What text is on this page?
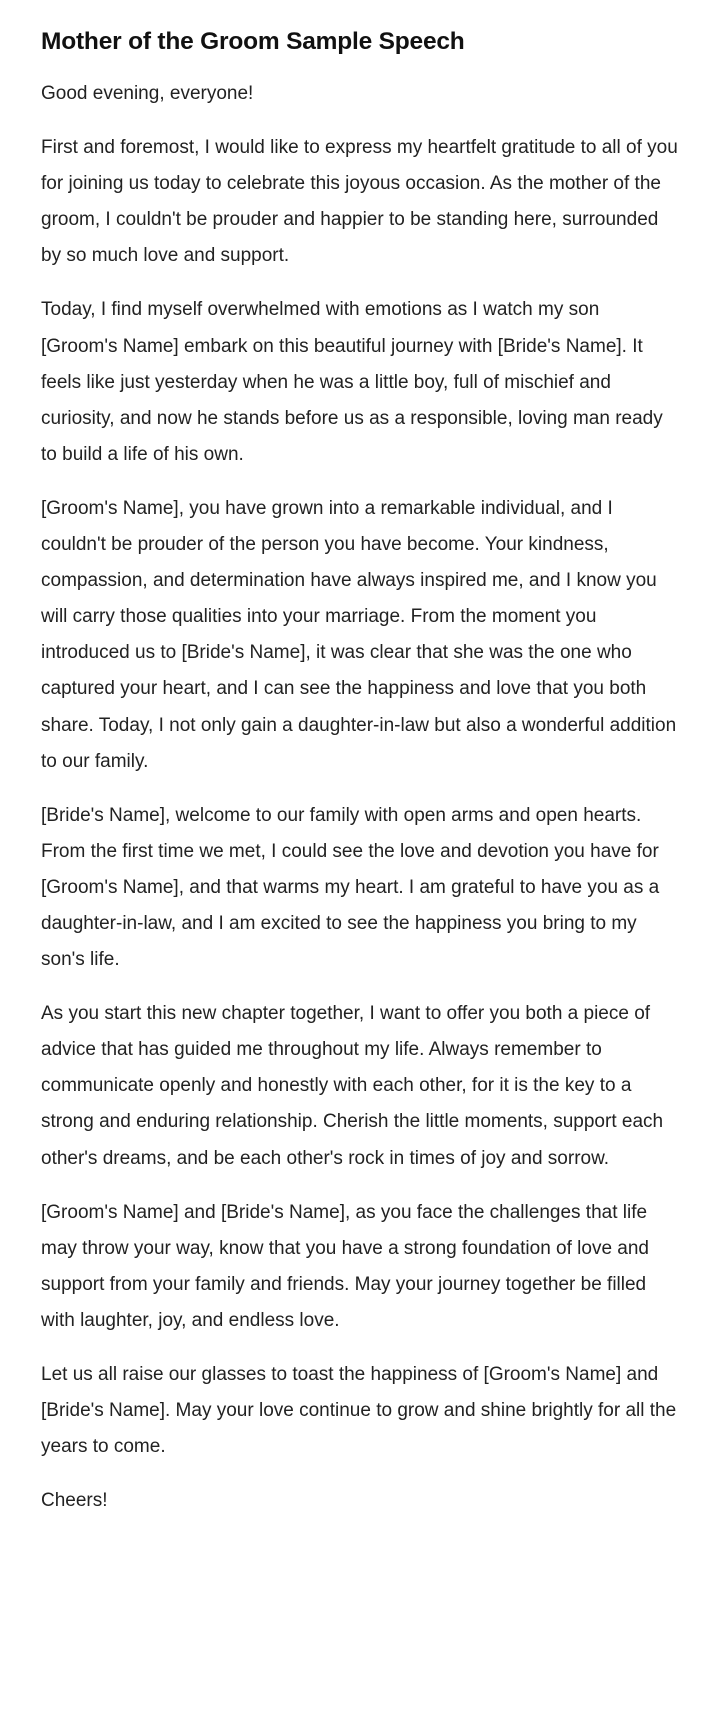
Mother of the Groom Sample Speech

Good evening, everyone!

First and foremost, I would like to express my heartfelt gratitude to all of you for joining us today to celebrate this joyous occasion. As the mother of the groom, I couldn't be prouder and happier to be standing here, surrounded by so much love and support.

Today, I find myself overwhelmed with emotions as I watch my son [Groom's Name] embark on this beautiful journey with [Bride's Name]. It feels like just yesterday when he was a little boy, full of mischief and curiosity, and now he stands before us as a responsible, loving man ready to build a life of his own.

[Groom's Name], you have grown into a remarkable individual, and I couldn't be prouder of the person you have become. Your kindness, compassion, and determination have always inspired me, and I know you will carry those qualities into your marriage. From the moment you introduced us to [Bride's Name], it was clear that she was the one who captured your heart, and I can see the happiness and love that you both share. Today, I not only gain a daughter-in-law but also a wonderful addition to our family.

[Bride's Name], welcome to our family with open arms and open hearts. From the first time we met, I could see the love and devotion you have for [Groom's Name], and that warms my heart. I am grateful to have you as a daughter-in-law, and I am excited to see the happiness you bring to my son's life.

As you start this new chapter together, I want to offer you both a piece of advice that has guided me throughout my life. Always remember to communicate openly and honestly with each other, for it is the key to a strong and enduring relationship. Cherish the little moments, support each other's dreams, and be each other's rock in times of joy and sorrow.

[Groom's Name] and [Bride's Name], as you face the challenges that life may throw your way, know that you have a strong foundation of love and support from your family and friends. May your journey together be filled with laughter, joy, and endless love.

Let us all raise our glasses to toast the happiness of [Groom's Name] and [Bride's Name]. May your love continue to grow and shine brightly for all the years to come.

Cheers!
